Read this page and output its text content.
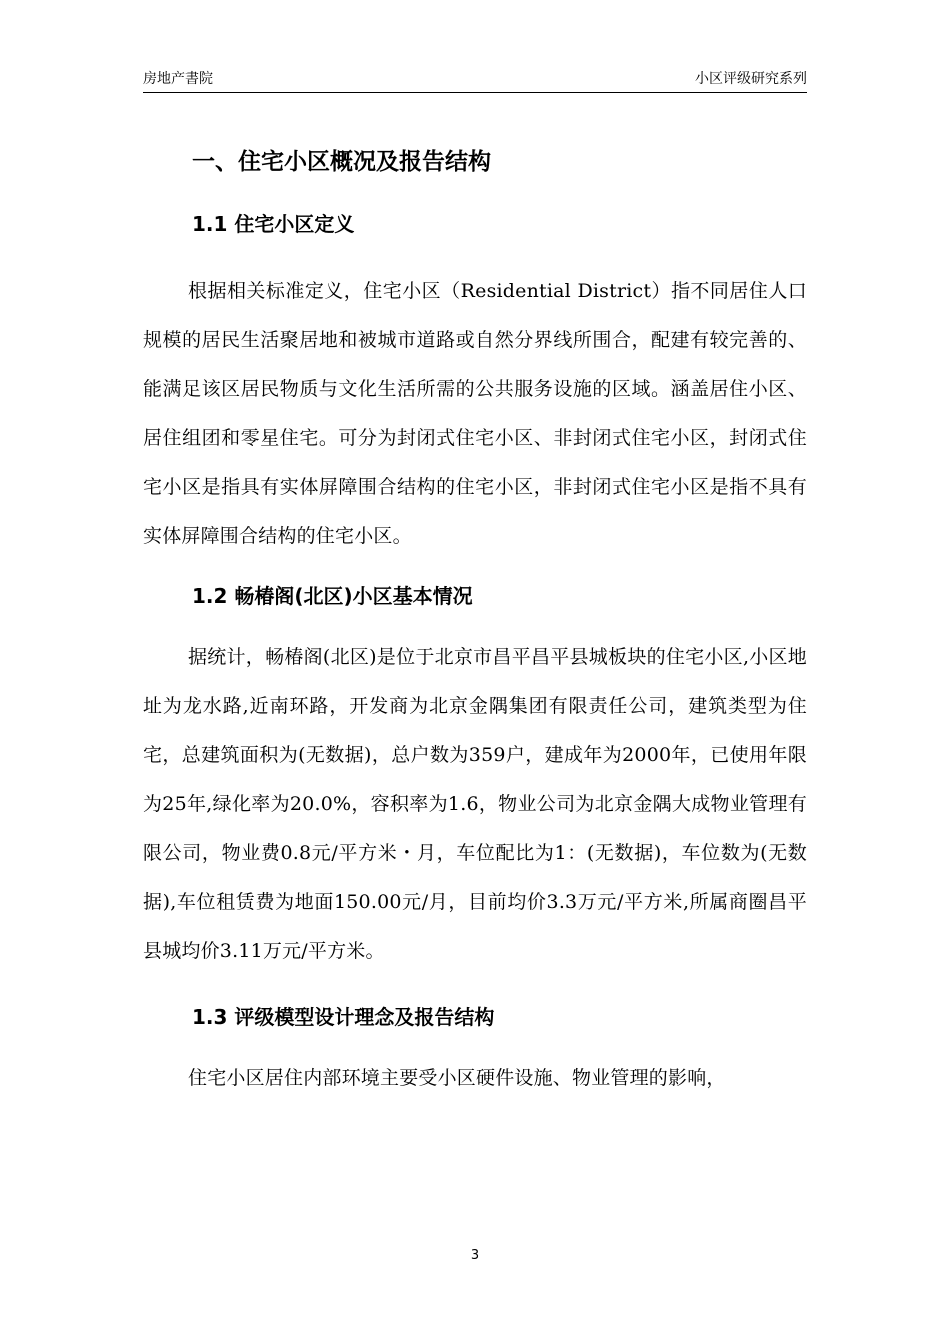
房地产書院	小区评级研究系列
一、住宅小区概况及报告结构
1.1 住宅小区定义

根据相关标准定义，住宅小区（Residential District）指不同居住人口规模的居民生活聚居地和被城市道路或自然分界线所围合，配建有较完善的、能满足该区居民物质与文化生活所需的公共服务设施的区域。涵盖居住小区、居住组团和零星住宅。可分为封闭式住宅小区、非封闭式住宅小区，封闭式住宅小区是指具有实体屏障围合结构的住宅小区，非封闭式住宅小区是指不具有实体屏障围合结构的住宅小区。

1.2 畅椿阁(北区)小区基本情况

据统计，畅椿阁(北区)是位于北京市昌平昌平县城板块的住宅小区,小区地址为龙水路,近南环路，开发商为北京金隅集团有限责任公司，建筑类型为住宅，总建筑面积为(无数据)，总户数为359户，建成年为2000年，已使用年限为25年,绿化率为20.0%，容积率为1.6，物业公司为北京金隅大成物业管理有限公司，物业费0.8元/平方米・月，车位配比为1：(无数据)，车位数为(无数据),车位租赁费为地面150.00元/月，目前均价3.3万元/平方米,所属商圈昌平县城均价3.11万元/平方米。

1.3 评级模型设计理念及报告结构

住宅小区居住内部环境主要受小区硬件设施、物业管理的影响，

3
